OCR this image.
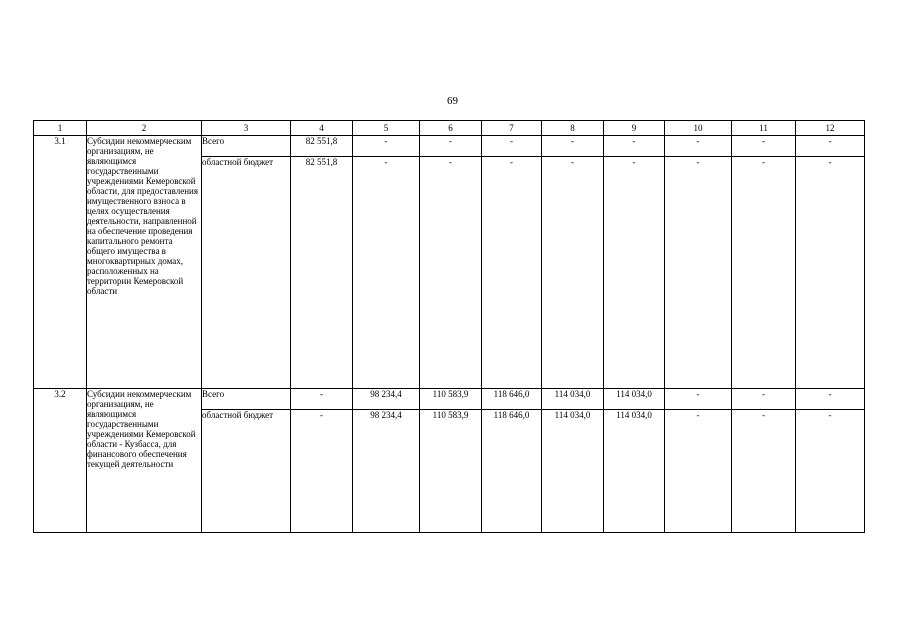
69
1	2	3	4	5	6	7	8	9	10	11	12
3.1	Субсидии некоммерческим организациям, не являющимся государственными учреждениями Кемеровской области, для предоставления имущественного взноса в целях осуществления деятельности, направленной на обеспечение проведения капитального ремонта общего имущества в многоквартирных домах, расположенных на территории Кемеровской области	Всего	82 551,8	-	-	-	-	-	-	-	-
		областной бюджет	82 551,8	-	-	-	-	-	-	-	-
3.2	Субсидии некоммерческим организациям, не являющимся государственными учреждениями Кемеровской области - Кузбасса, для финансового обеспечения текущей деятельности	Всего	-	98 234,4	110 583,9	118 646,0	114 034,0	114 034,0	-	-	-
		областной бюджет	-	98 234,4	110 583,9	118 646,0	114 034,0	114 034,0	-	-	-
